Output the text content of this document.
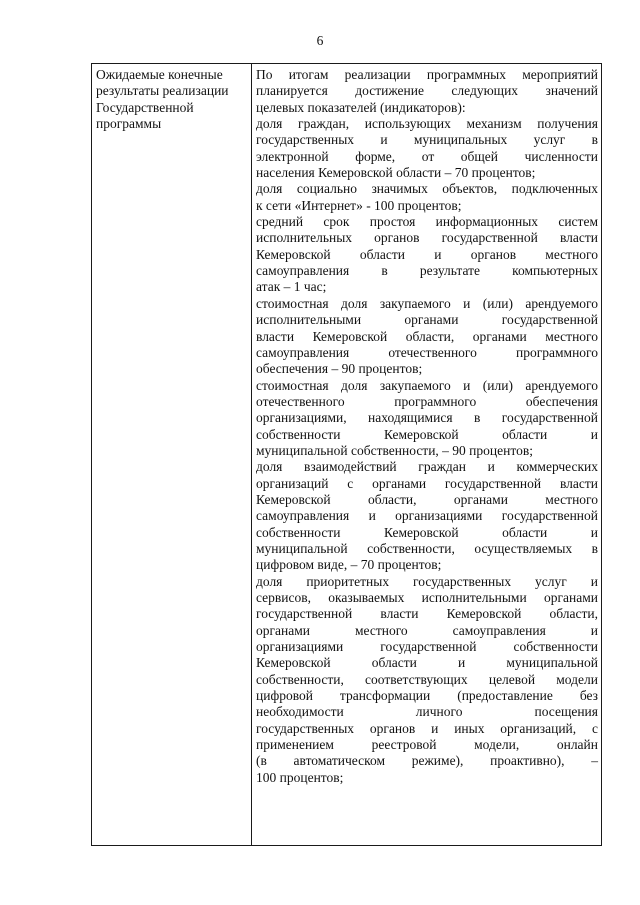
6
Ожидаемые конечные
результаты реализации
Государственной
программы
По итогам реализации программных мероприятий
планируется достижение следующих значений
целевых показателей (индикаторов):
доля граждан, использующих механизм получения
государственных и муниципальных услуг в
электронной форме, от общей численности
населения Кемеровской области – 70 процентов;
доля социально значимых объектов, подключенных
к сети «Интернет» - 100 процентов;
средний срок простоя информационных систем
исполнительных органов государственной власти
Кемеровской области и органов местного
самоуправления в результате компьютерных
атак – 1 час;
стоимостная доля закупаемого и (или) арендуемого
исполнительными органами государственной
власти Кемеровской области, органами местного
самоуправления отечественного программного
обеспечения – 90 процентов;
стоимостная доля закупаемого и (или) арендуемого
отечественного программного обеспечения
организациями, находящимися в государственной
собственности Кемеровской области и
муниципальной собственности, – 90 процентов;
доля взаимодействий граждан и коммерческих
организаций с органами государственной власти
Кемеровской области, органами местного
самоуправления и организациями государственной
собственности Кемеровской области и
муниципальной собственности, осуществляемых в
цифровом виде, – 70 процентов;
доля приоритетных государственных услуг и
сервисов, оказываемых исполнительными органами
государственной власти Кемеровской области,
органами местного самоуправления и
организациями государственной собственности
Кемеровской области и муниципальной
собственности, соответствующих целевой модели
цифровой трансформации (предоставление без
необходимости личного посещения
государственных органов и иных организаций, с
применением реестровой модели, онлайн
(в автоматическом режиме), проактивно), –
100 процентов;
